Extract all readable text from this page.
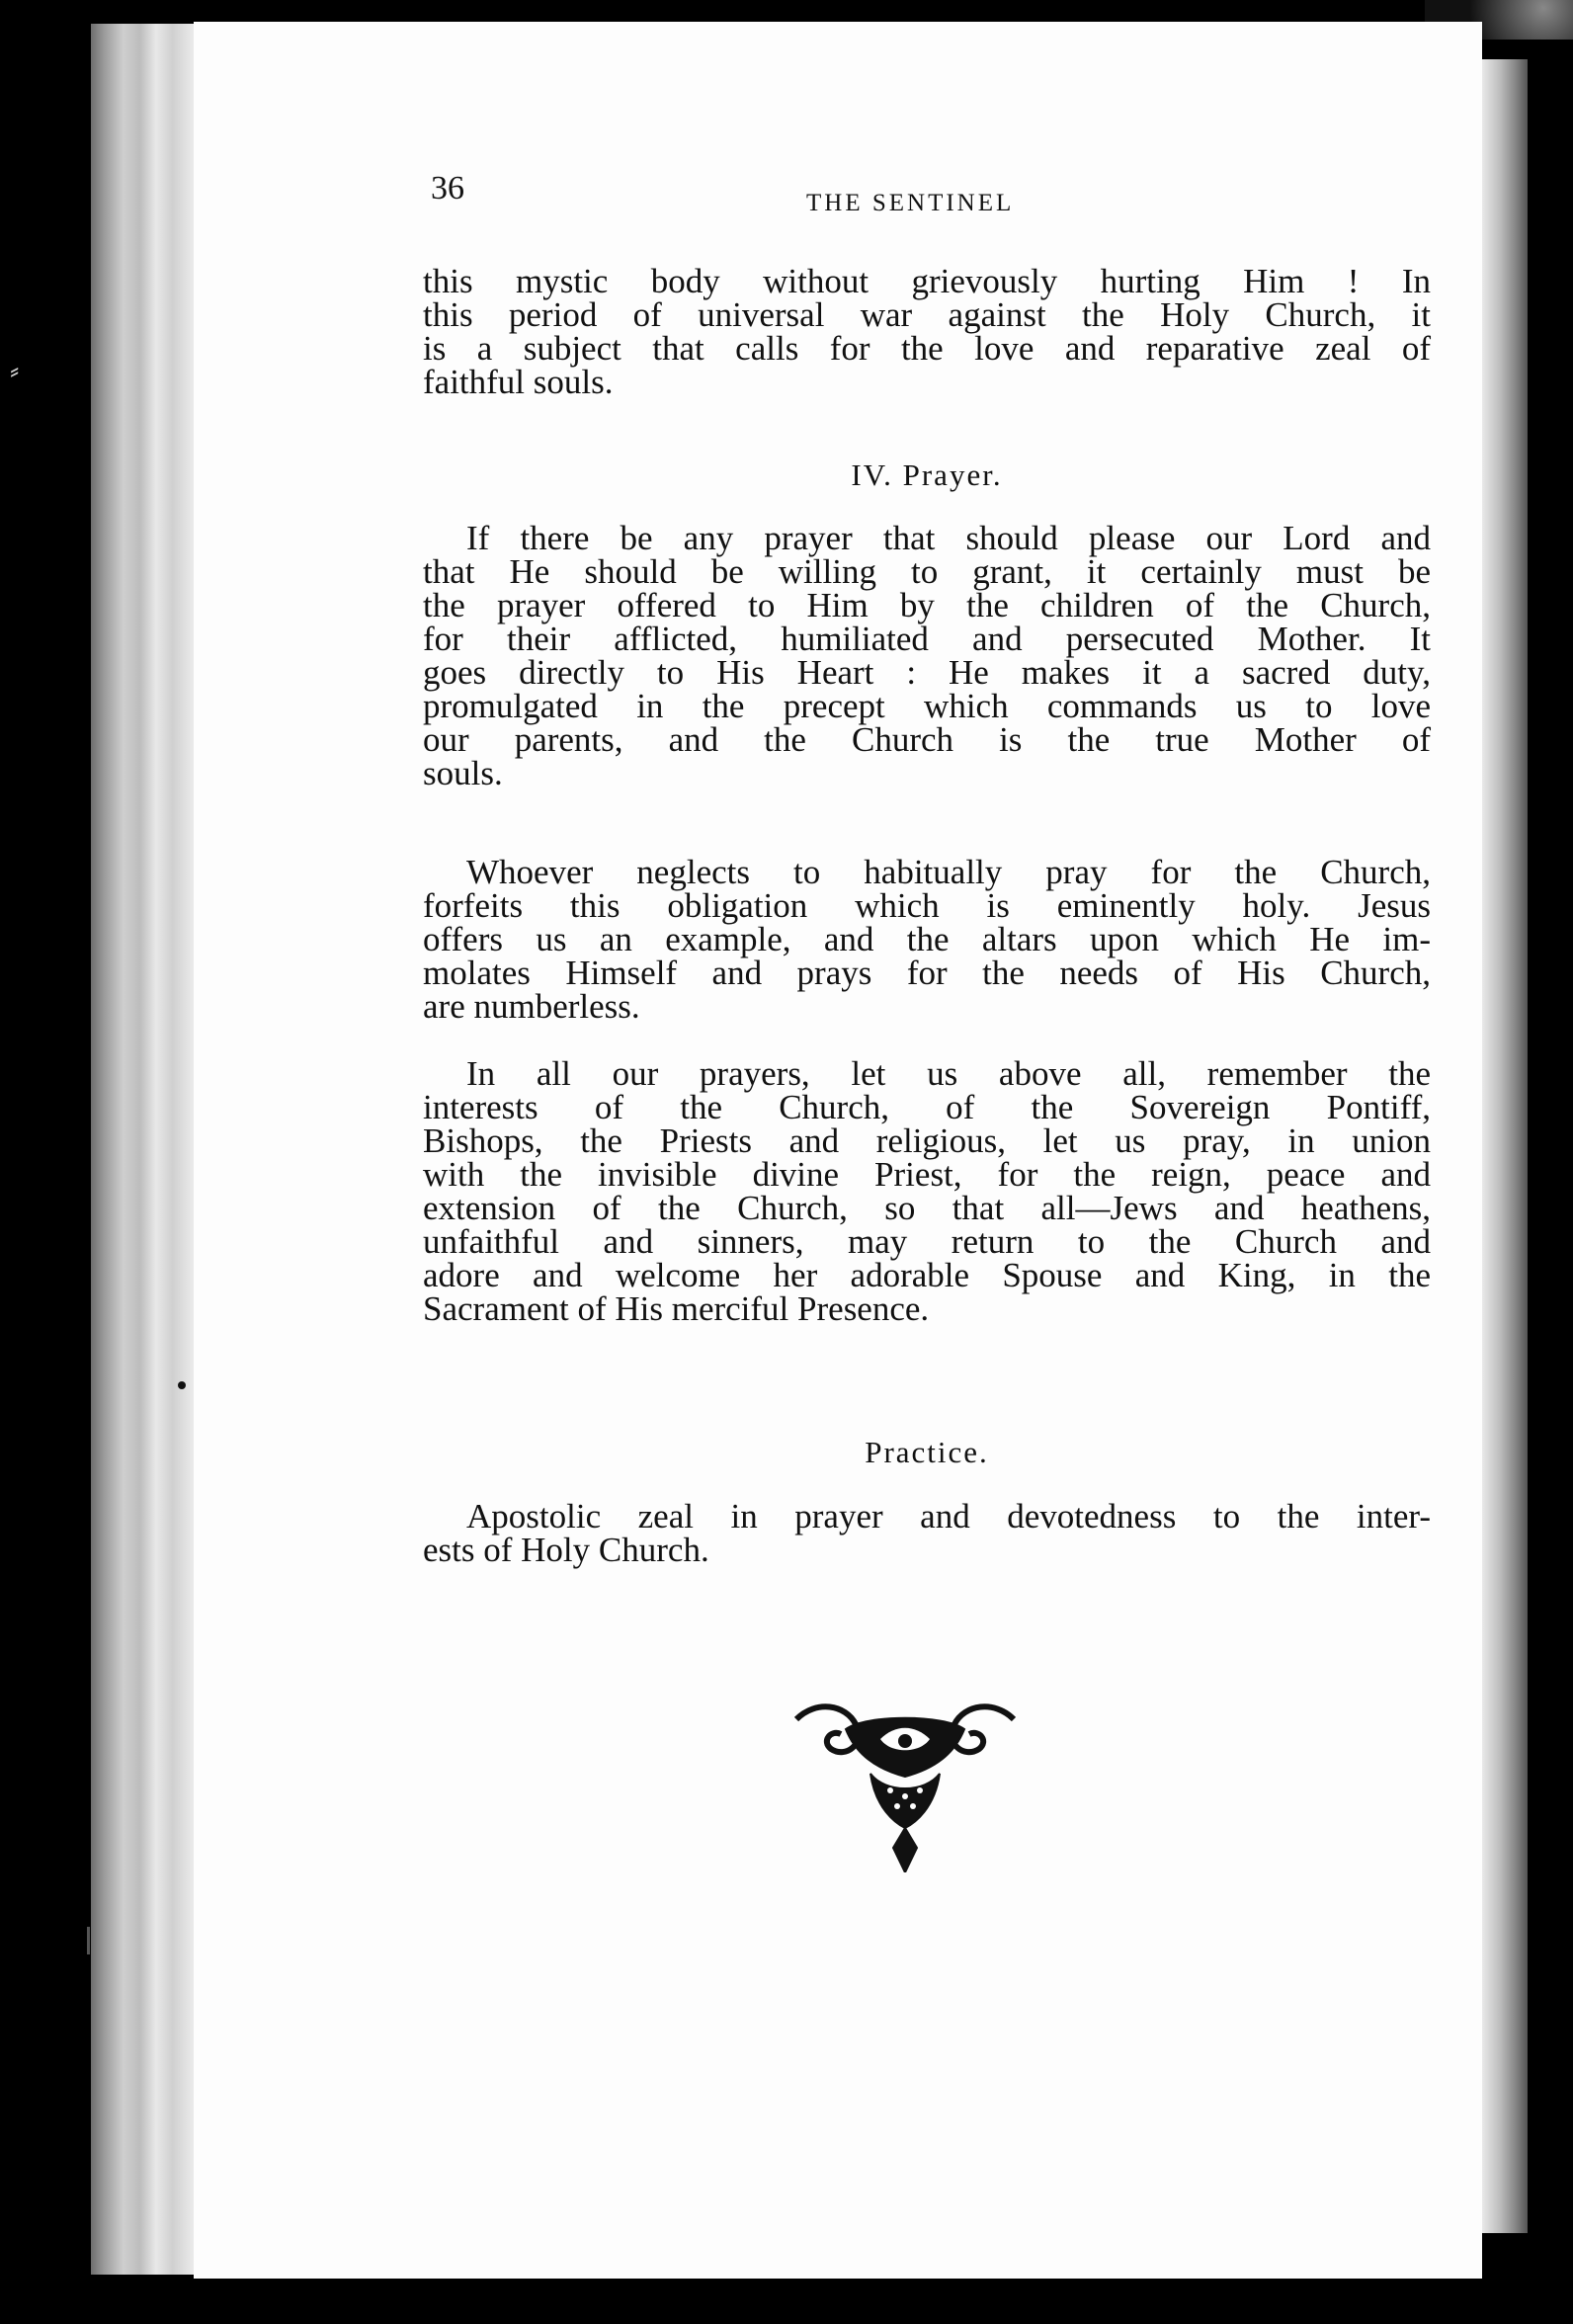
⸗
36	THE SENTINEL
this mystic body without grievously hurting Him ! In
this period of universal war against the Holy Church, it
is a subject that calls for the love and reparative zeal of
faithful souls.
IV. Prayer.
If there be any prayer that should please our Lord and
that He should be willing to grant, it certainly must be
the prayer offered to Him by the children of the Church,
for their afflicted, humiliated and persecuted Mother. It
goes directly to His Heart : He makes it a sacred duty,
promulgated in the precept which commands us to love
our parents, and the Church is the true Mother of
souls.
Whoever neglects to habitually pray for the Church,
forfeits this obligation which is eminently holy. Jesus
offers us an example, and the altars upon which He im-
molates Himself and prays for the needs of His Church,
are numberless.
In all our prayers, let us above all, remember the
interests of the Church, of the Sovereign Pontiff,
Bishops, the Priests and religious, let us pray, in union
with the invisible divine Priest, for the reign, peace and
extension of the Church, so that all—Jews and heathens,
unfaithful and sinners, may return to the Church and
adore and welcome her adorable Spouse and King, in the
Sacrament of His merciful Presence.
Practice.
Apostolic zeal in prayer and devotedness to the inter-
ests of Holy Church.
